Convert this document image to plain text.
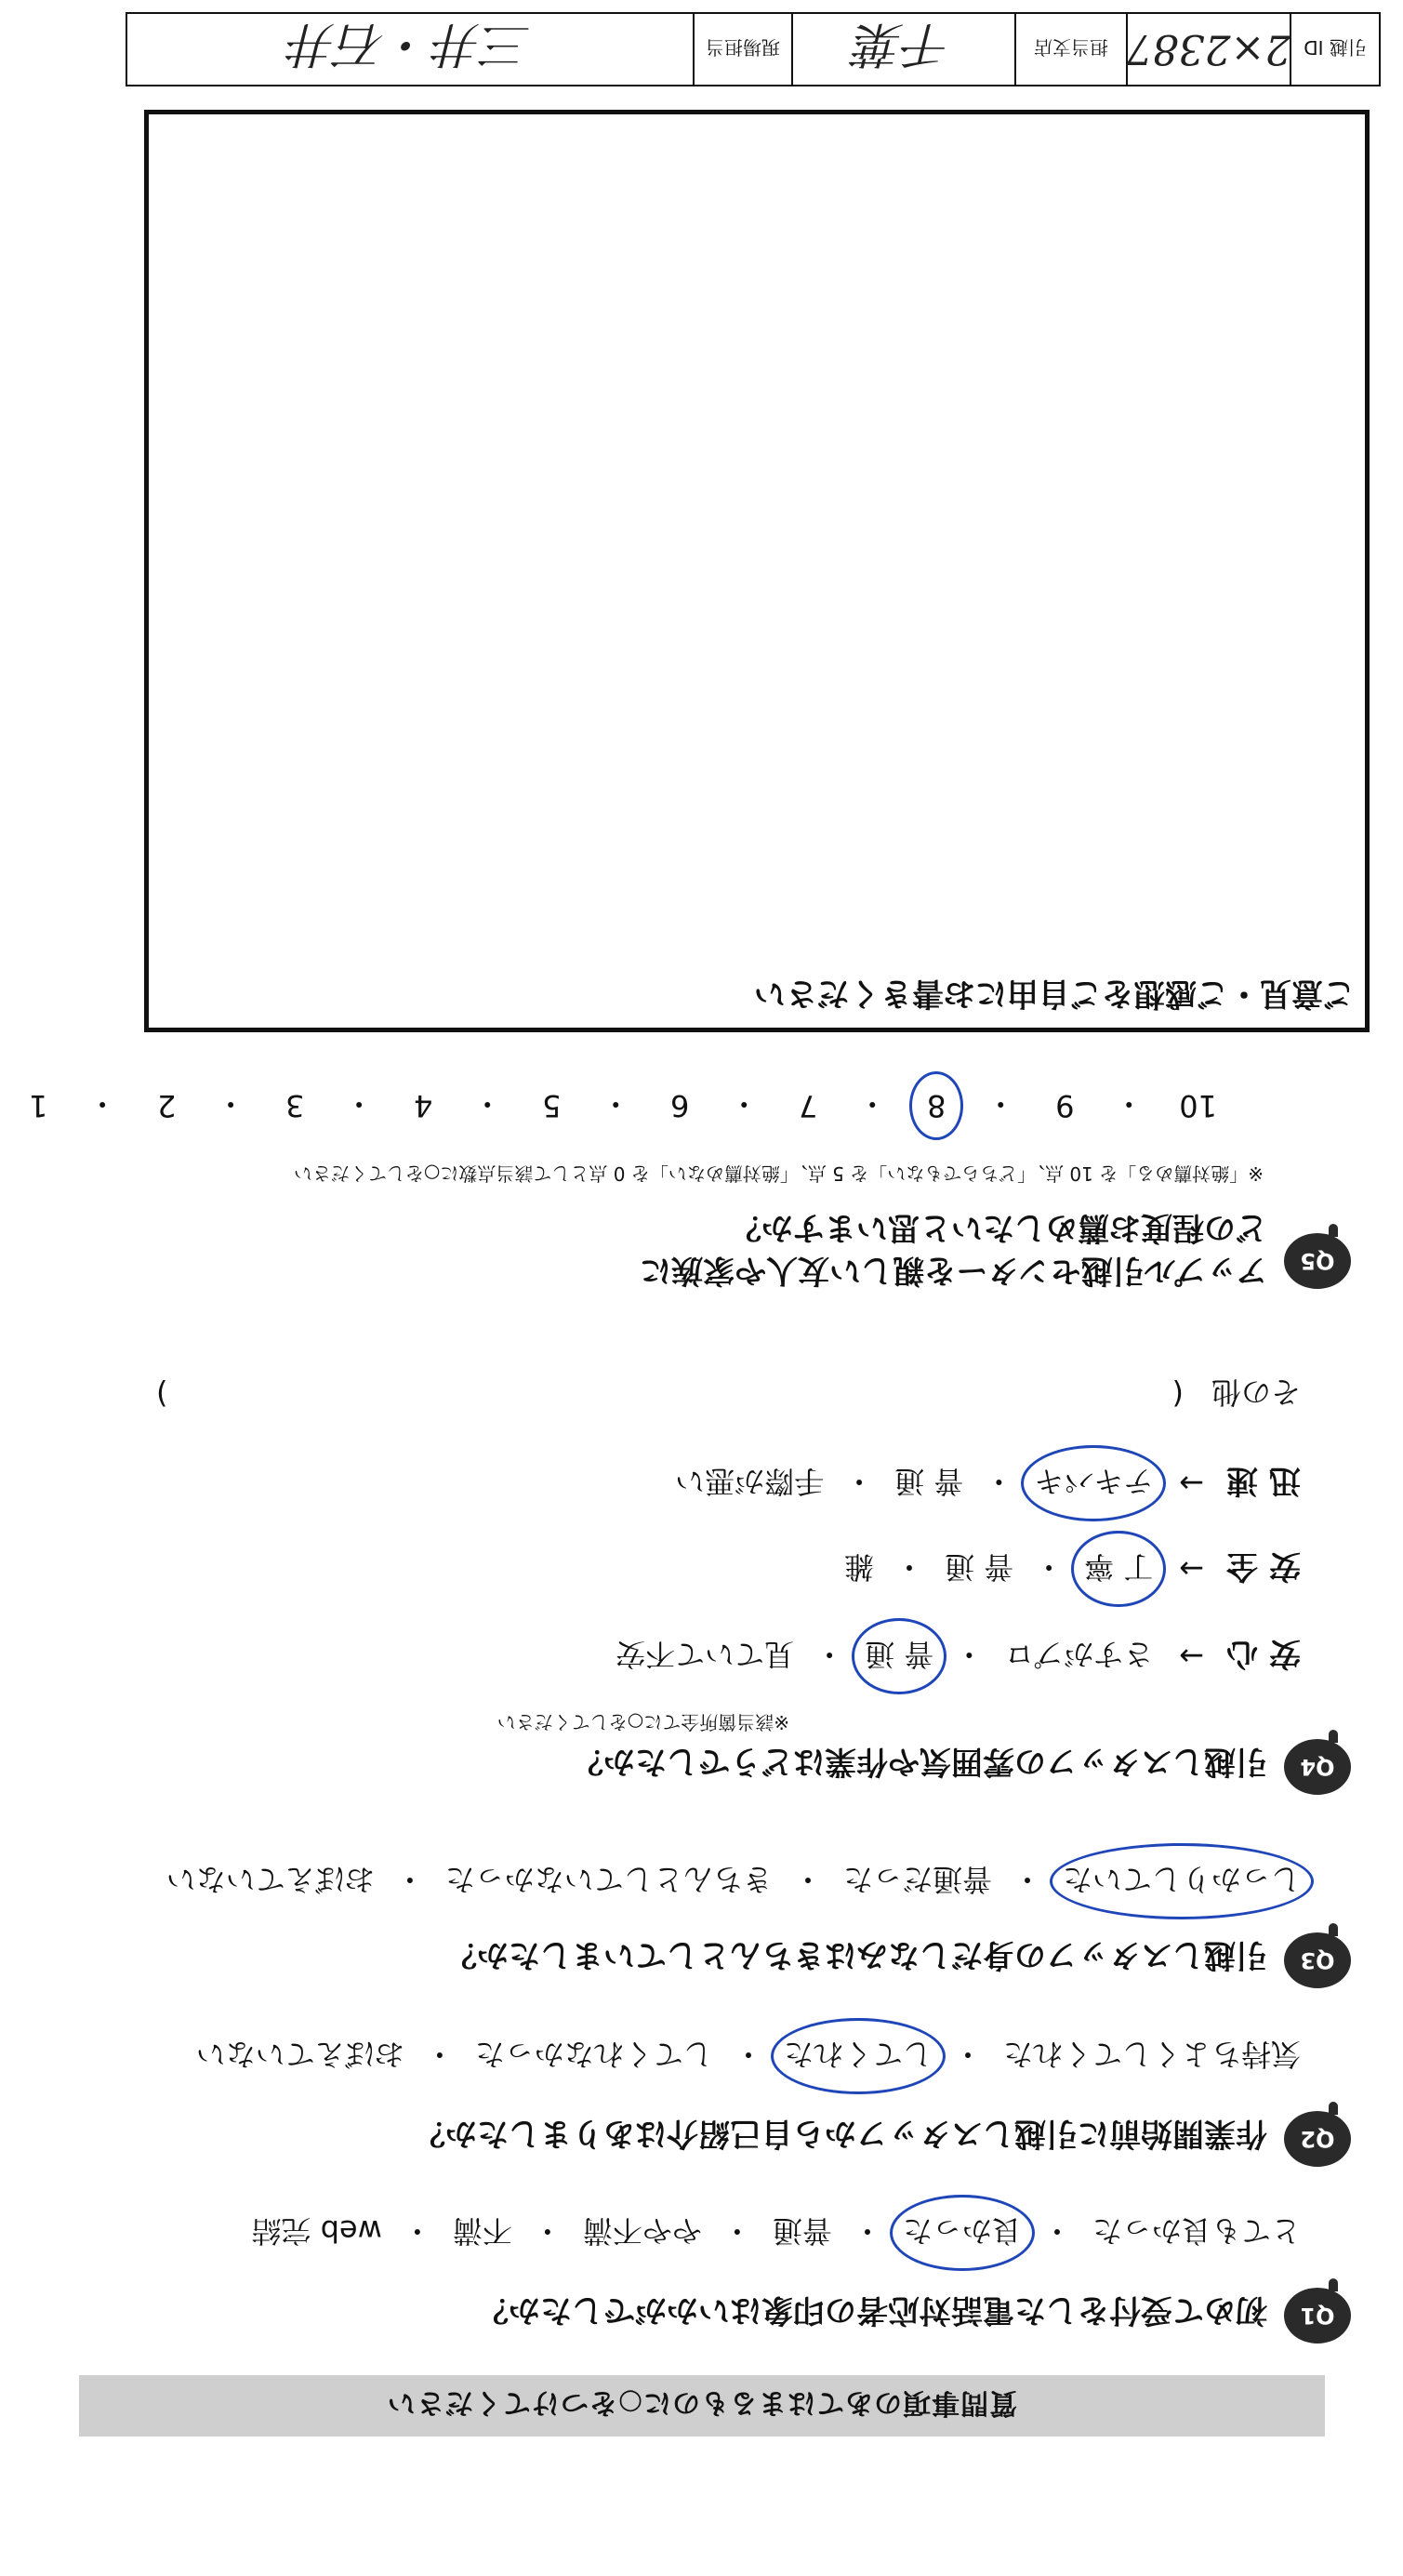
質問事項のあてはまるものに○をつけてください
Q1
初めて受付をした電話対応者の印象はいかがでしたか？
とても良かった
・
良かった
・
普通
・
やや不満
・
不満
・
web 完結
Q2
作業開始前に引越しスタッフから自己紹介はありましたか？
気持ちよくしてくれた
・
してくれた
・
してくれなかった
・
おぼえていない
Q3
引越しスタッフの身だしなみはきちんとしていましたか？
しっかりしていた
・
普通だった
・
きちんとしていなかった
・
おぼえていない
Q4
引越しスタッフの雰囲気や作業はどうでしたか？
※該当箇所全てに○をしてください
安 心
→
さすがプロ
・
普 通
・
見ていて不安
安 全
→
丁 寧
・
普 通
・
雑
迅 速
→
テキパキ
・
普 通
・
手際が悪い
その他
(
)
Q5
アップル引越センターを親しい友人や家族に
どの程度お薦めしたいと思いますか？
※「絶対薦める」を 10 点、「どちらでもない」を 5 点、「絶対薦めない」を 0 点として該当点数に○をしてください
10
・
9
・
8
・
7
・
6
・
5
・
4
・
3
・
2
・
1
ご意見・ご感想をご自由にお書きください
引越 ID
2×2387
担当支店
千葉
現場担当
三井・石井
